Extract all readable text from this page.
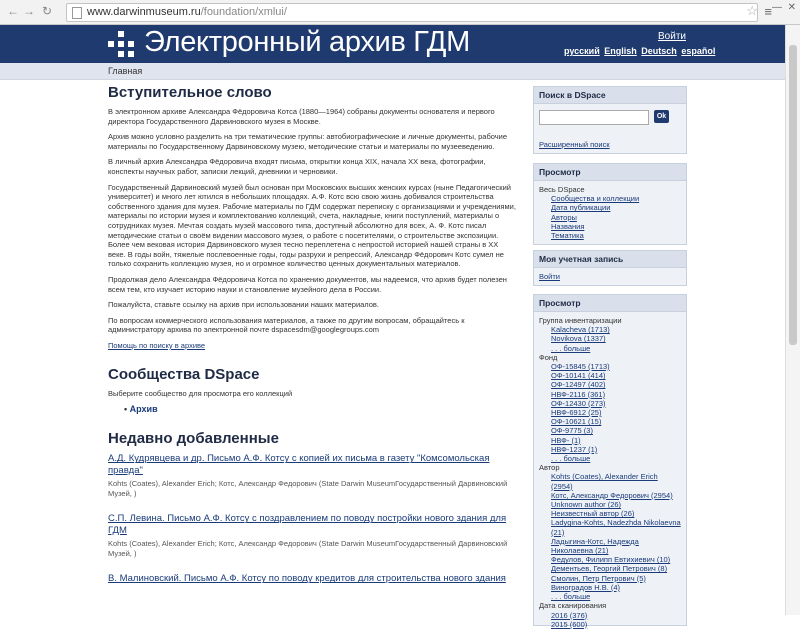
← → ↻	www.darwinmuseum.ru/foundation/xmlui/	☆ ≡ — ✕
Электронный архив ГДМ	Войти
русский English Deutsch español
Главная
Вступительное слово

В электронном архиве Александра Фёдоровича Котса (1880—1964) собраны документы основателя и первого директора Государственного Дарвиновского музея в Москве.

Архив можно условно разделить на три тематические группы: автобиографические и личные документы, рабочие материалы по Государственному Дарвиновскому музею, методические статьи и материалы по музееведению.

В личный архив Александра Фёдоровича входят письма, открытки конца XIX, начала XX века, фотографии, конспекты научных работ, записки лекций, дневники и черновики.

Государственный Дарвиновский музей был основан при Московских высших женских курсах (ныне Педагогический университет) и много лет ютился в небольших площадях. А.Ф. Котс всю свою жизнь добивался строительства собственного здания для музея. Рабочие материалы по ГДМ содержат переписку с организациями и учреждениями, материалы по истории музея и комплектованию коллекций, счета, накладные, книги поступлений, материалы о сотрудниках музея. Мечтая создать музей массового типа, доступный абсолютно для всех, А. Ф. Котс писал методические статьи о своём видении массового музея, о работе с посетителями, о строительстве экспозиции. Более чем вековая история Дарвиновского музея тесно переплетена с непростой историей нашей страны в XX веке. В годы войн, тяжелые послевоенные годы, годы разрухи и репрессий, Александр Фёдорович Котс сумел не только сохранить коллекцию музея, но и огромное количество ценных документальных материалов.

Продолжая дело Александра Фёдоровича Котса по хранению документов, мы надеемся, что архив будет полезен всем тем, кто изучает историю науки и становление музейного дела в России.

Пожалуйста, ставьте ссылку на архив при использовании наших материалов.

По вопросам коммерческого использования материалов, а также по другим вопросам, обращайтесь к администратору архива по электронной почте dspacesdm@googlegroups.com

Помощь по поиску в архиве
Сообщества DSpace

Выберите сообщество для просмотра его коллекций

• Архив
Недавно добавленные
А.Д. Кудрявцева и др. Письмо А.Ф. Котсу с копией их письма в газету "Комсомольская правда"
Kohts (Coates), Alexander Erich; Котс, Александр Федорович (State Darwin MuseumГосударственный Дарвиновский Музей, )
С.П. Левина. Письмо А.Ф. Котсу с поздравлением по поводу постройки нового здания для ГДМ
Kohts (Coates), Alexander Erich; Котс, Александр Федорович (State Darwin MuseumГосударственный Дарвиновский Музей, )
В. Малиновский. Письмо А.Ф. Котсу по поводу кредитов для строительства нового здания
Поиск в DSpace
Ok
Расширенный поиск
Просмотр
Весь DSpace
Сообщества и коллекции
Дата публикации
Авторы
Названия
Тематика
Моя учетная запись
Войти
Просмотр
Группа инвентаризации
Kalacheva (1713)
Novikova (1337)
. . . больше
Фонд
ОФ-15845 (1713)
ОФ-10141 (414)
ОФ-12497 (402)
НВФ-2116 (361)
ОФ-12430 (273)
НВФ-6912 (25)
ОФ-10621 (15)
ОФ-9775 (3)
НВФ- (1)
НВФ-1237 (1)
. . . больше
Автор
Kohts (Coates), Alexander Erich (2954)
Котс, Александр Федорович (2954)
Unknown author (26)
Неизвестный автор (26)
Ladygina-Kohts, Nadezhda Nikolaevna (21)
Ладыгина-Котс, Надежда Николаевна (21)
Федулов, Филипп Евтихиевич (10)
Дементьев, Георгий Петрович (8)
Смолин, Петр Петрович (5)
Виноградов Н.В. (4)
. . . больше
Дата сканирования
2016 (376)
2015 (600)
